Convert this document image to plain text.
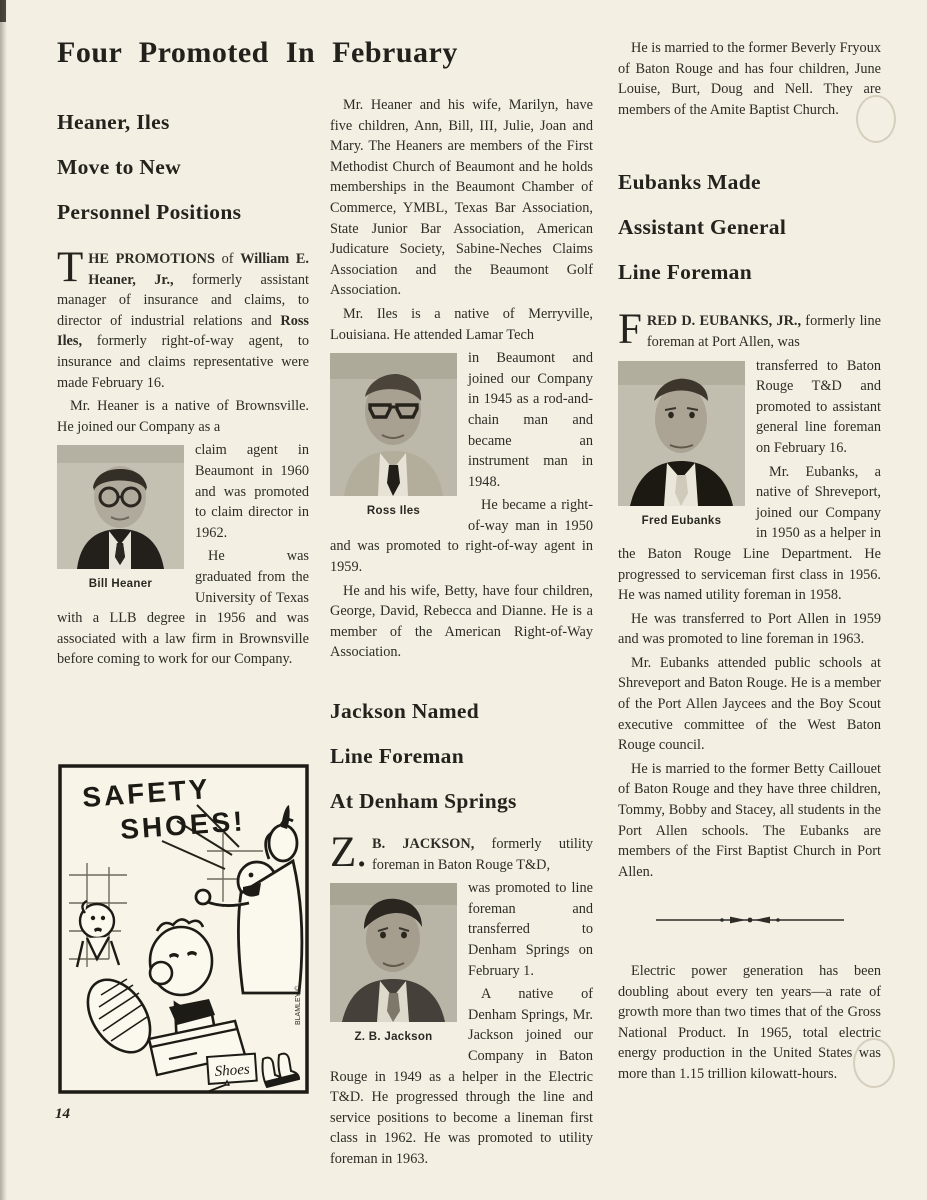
Four Promoted In February
Heaner, Iles
Move to New
Personnel Positions

THE PROMOTIONS of William E. Heaner, Jr., formerly assistant manager of insurance and claims, to director of industrial relations and Ross Iles, formerly right-of-way agent, to insurance and claims representative were made February 16.

Mr. Heaner is a native of Brownsville. He joined our Company as a

Bill Heaner
claim agent in Beaumont in 1960 and was promoted to claim director in 1962.

He was graduated from the University of Texas with a LLB degree in 1956 and was associated with a law firm in Brownsville before coming to work for our Company.

Mr. Heaner and his wife, Marilyn, have five children, Ann, Bill, III, Julie, Joan and Mary. The Heaners are members of the First Methodist Church of Beaumont and he holds memberships in the Beaumont Chamber of Commerce, YMBL, Texas Bar Association, State Junior Bar Association, American Judicature Society, Sabine-Neches Claims Association and the Beaumont Golf Association.

Mr. Iles is a native of Merryville, Louisiana. He attended Lamar Tech

Ross Iles
in Beaumont and joined our Company in 1945 as a rod-and-chain man and became an instrument man in 1948.

He became a right-of-way man in 1950 and was promoted to right-of-way agent in 1959.

He and his wife, Betty, have four children, George, David, Rebecca and Dianne. He is a member of the American Right-of-Way Association.

Jackson Named
Line Foreman
At Denham Springs

Z. B. JACKSON, formerly utility foreman in Baton Rouge T&D,

Z. B. Jackson
was promoted to line foreman and transferred to Denham Springs on February 1.

A native of Denham Springs, Mr. Jackson joined our Company in Baton Rouge in 1949 as a helper in the Electric T&D. He progressed through the line and service positions to become a lineman first class in 1962. He was promoted to utility foreman in 1963.

He is married to the former Beverly Fryoux of Baton Rouge and has four children, June Louise, Burt, Doug and Nell. They are members of the Amite Baptist Church.

Eubanks Made
Assistant General
Line Foreman

FRED D. EUBANKS, JR., formerly line foreman at Port Allen, was

Fred Eubanks
transferred to Baton Rouge T&D and promoted to assistant general line foreman on February 16.

Mr. Eubanks, a native of Shreveport, joined our Company in 1950 as a helper in the Baton Rouge Line Department. He progressed to serviceman first class in 1956. He was named utility foreman in 1958.

He was transferred to Port Allen in 1959 and was promoted to line foreman in 1963.

Mr. Eubanks attended public schools at Shreveport and Baton Rouge. He is a member of the Port Allen Jaycees and the Boy Scout executive committee of the West Baton Rouge council.

He is married to the former Betty Caillouet of Baton Rouge and they have three children, Tommy, Bobby and Stacey, all students in the Port Allen schools. The Eubanks are members of the First Baptist Church in Port Allen.

Electric power generation has been doubling about every ten years—a rate of growth more than two times that of the Gross National Product. In 1965, total electric energy production in the United States was more than 1.15 trillion kilowatt-hours.

SAFETY
SHOES!
Shoes
BLAMLEY ©
14
